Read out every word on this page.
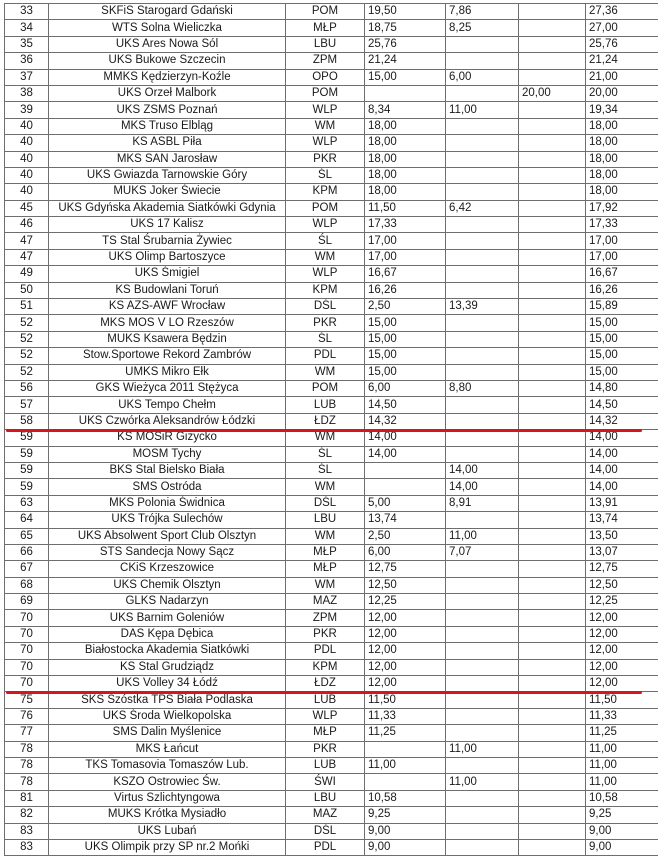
33	SKFiS Starogard Gdański	POM	19,50	7,86		27,36
34	WTS Solna Wieliczka	MŁP	18,75	8,25		27,00
35	UKS Ares Nowa Sól	LBU	25,76			25,76
36	UKS Bukowe Szczecin	ZPM	21,24			21,24
37	MMKS Kędzierzyn-Koźle	OPO	15,00	6,00		21,00
38	UKS Orzeł Malbork	POM			20,00	20,00
39	UKS ZSMS Poznań	WLP	8,34	11,00		19,34
40	MKS Truso Elbląg	WM	18,00			18,00
40	KS ASBL Piła	WLP	18,00			18,00
40	MKS SAN Jarosław	PKR	18,00			18,00
40	UKS Gwiazda Tarnowskie Góry	ŚL	18,00			18,00
40	MUKS Joker Świecie	KPM	18,00			18,00
45	UKS Gdyńska Akademia Siatkówki Gdynia	POM	11,50	6,42		17,92
46	UKS 17 Kalisz	WLP	17,33			17,33
47	TS Stal Śrubarnia Żywiec	ŚL	17,00			17,00
47	UKS Olimp Bartoszyce	WM	17,00			17,00
49	UKS Śmigiel	WLP	16,67			16,67
50	KS Budowlani Toruń	KPM	16,26			16,26
51	KS AZS-AWF Wrocław	DŚL	2,50	13,39		15,89
52	MKS MOS V LO Rzeszów	PKR	15,00			15,00
52	MUKS Ksawera Będzin	ŚL	15,00			15,00
52	Stow.Sportowe Rekord Zambrów	PDL	15,00			15,00
52	UMKS Mikro Ełk	WM	15,00			15,00
56	GKS Wieżyca 2011 Stężyca	POM	6,00	8,80		14,80
57	UKS Tempo Chełm	LUB	14,50			14,50
58	UKS Czwórka Aleksandrów Łódzki	ŁDZ	14,32			14,32
59	KS MOSiR Giżycko	WM	14,00			14,00
59	MOSM Tychy	ŚL	14,00			14,00
59	BKS Stal Bielsko Biała	ŚL		14,00		14,00
59	SMS Ostróda	WM		14,00		14,00
63	MKS Polonia Świdnica	DŚL	5,00	8,91		13,91
64	UKS Trójka Sulechów	LBU	13,74			13,74
65	UKS Absolwent Sport Club Olsztyn	WM	2,50	11,00		13,50
66	STS Sandecja Nowy Sącz	MŁP	6,00	7,07		13,07
67	CKiS Krzeszowice	MŁP	12,75			12,75
68	UKS Chemik Olsztyn	WM	12,50			12,50
69	GLKS Nadarzyn	MAZ	12,25			12,25
70	UKS Barnim Goleniów	ZPM	12,00			12,00
70	DAS Kępa Dębica	PKR	12,00			12,00
70	Białostocka Akademia Siatkówki	PDL	12,00			12,00
70	KS Stal Grudziądz	KPM	12,00			12,00
70	UKS Volley 34 Łódź	ŁDZ	12,00			12,00
75	SKS Szóstka TPS Biała Podlaska	LUB	11,50			11,50
76	UKS Środa Wielkopolska	WLP	11,33			11,33
77	SMS Dalin Myślenice	MŁP	11,25			11,25
78	MKS Łańcut	PKR		11,00		11,00
78	TKS Tomasovia Tomaszów Lub.	LUB	11,00			11,00
78	KSZO Ostrowiec Św.	ŚWI		11,00		11,00
81	Virtus Szlichtyngowa	LBU	10,58			10,58
82	MUKS Krótka Mysiadło	MAZ	9,25			9,25
83	UKS Lubań	DŚL	9,00			9,00
83	UKS Olimpik przy SP nr.2 Mońki	PDL	9,00			9,00
